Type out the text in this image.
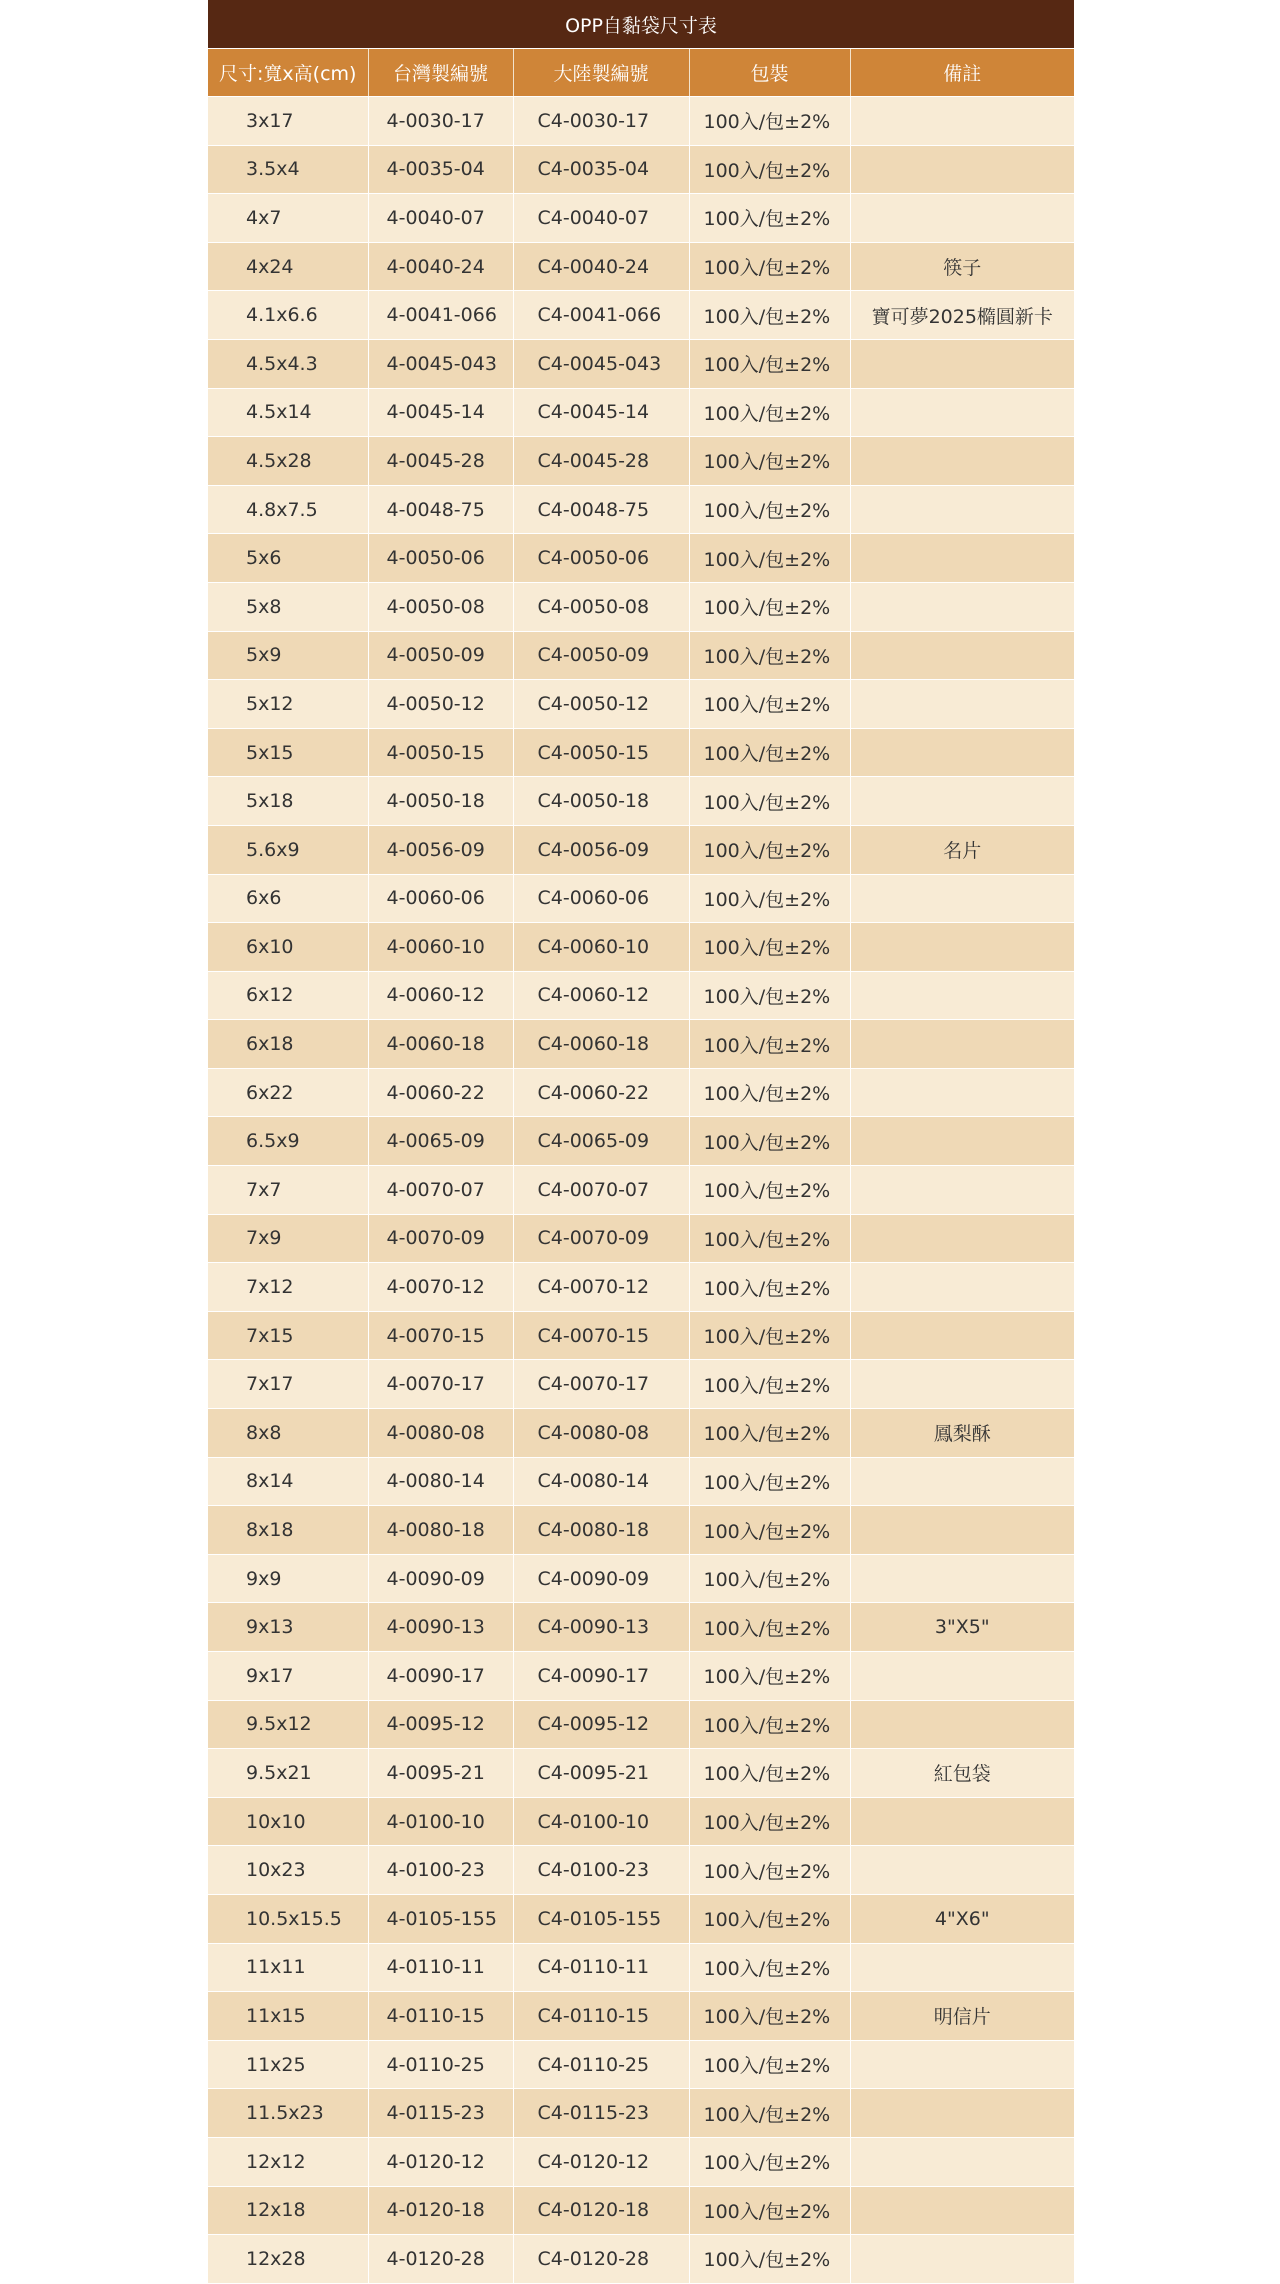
OPP自黏袋尺寸表
尺寸:寬x高(cm)	台灣製編號	大陸製編號	包裝	備註
3x17	4-0030-17	C4-0030-17	100入/包±2%	
3.5x4	4-0035-04	C4-0035-04	100入/包±2%	
4x7	4-0040-07	C4-0040-07	100入/包±2%	
4x24	4-0040-24	C4-0040-24	100入/包±2%	筷子
4.1x6.6	4-0041-066	C4-0041-066	100入/包±2%	寶可夢2025橢圓新卡
4.5x4.3	4-0045-043	C4-0045-043	100入/包±2%	
4.5x14	4-0045-14	C4-0045-14	100入/包±2%	
4.5x28	4-0045-28	C4-0045-28	100入/包±2%	
4.8x7.5	4-0048-75	C4-0048-75	100入/包±2%	
5x6	4-0050-06	C4-0050-06	100入/包±2%	
5x8	4-0050-08	C4-0050-08	100入/包±2%	
5x9	4-0050-09	C4-0050-09	100入/包±2%	
5x12	4-0050-12	C4-0050-12	100入/包±2%	
5x15	4-0050-15	C4-0050-15	100入/包±2%	
5x18	4-0050-18	C4-0050-18	100入/包±2%	
5.6x9	4-0056-09	C4-0056-09	100入/包±2%	名片
6x6	4-0060-06	C4-0060-06	100入/包±2%	
6x10	4-0060-10	C4-0060-10	100入/包±2%	
6x12	4-0060-12	C4-0060-12	100入/包±2%	
6x18	4-0060-18	C4-0060-18	100入/包±2%	
6x22	4-0060-22	C4-0060-22	100入/包±2%	
6.5x9	4-0065-09	C4-0065-09	100入/包±2%	
7x7	4-0070-07	C4-0070-07	100入/包±2%	
7x9	4-0070-09	C4-0070-09	100入/包±2%	
7x12	4-0070-12	C4-0070-12	100入/包±2%	
7x15	4-0070-15	C4-0070-15	100入/包±2%	
7x17	4-0070-17	C4-0070-17	100入/包±2%	
8x8	4-0080-08	C4-0080-08	100入/包±2%	鳳梨酥
8x14	4-0080-14	C4-0080-14	100入/包±2%	
8x18	4-0080-18	C4-0080-18	100入/包±2%	
9x9	4-0090-09	C4-0090-09	100入/包±2%	
9x13	4-0090-13	C4-0090-13	100入/包±2%	3"X5"
9x17	4-0090-17	C4-0090-17	100入/包±2%	
9.5x12	4-0095-12	C4-0095-12	100入/包±2%	
9.5x21	4-0095-21	C4-0095-21	100入/包±2%	紅包袋
10x10	4-0100-10	C4-0100-10	100入/包±2%	
10x23	4-0100-23	C4-0100-23	100入/包±2%	
10.5x15.5	4-0105-155	C4-0105-155	100入/包±2%	4"X6"
11x11	4-0110-11	C4-0110-11	100入/包±2%	
11x15	4-0110-15	C4-0110-15	100入/包±2%	明信片
11x25	4-0110-25	C4-0110-25	100入/包±2%	
11.5x23	4-0115-23	C4-0115-23	100入/包±2%	
12x12	4-0120-12	C4-0120-12	100入/包±2%	
12x18	4-0120-18	C4-0120-18	100入/包±2%	
12x28	4-0120-28	C4-0120-28	100入/包±2%	
